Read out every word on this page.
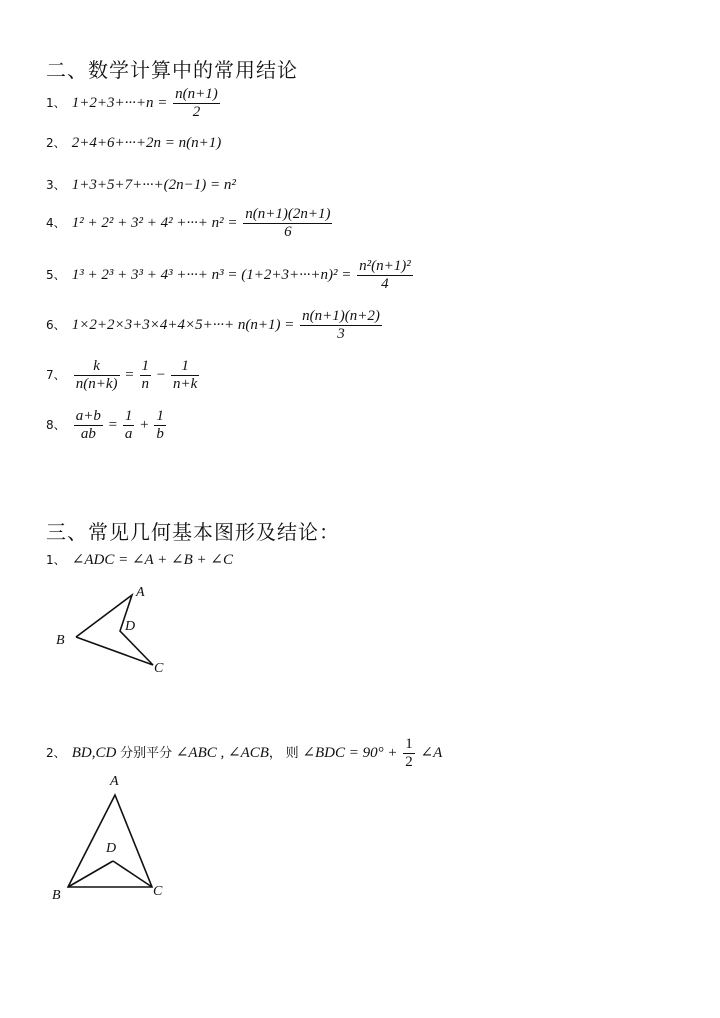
二、数学计算中的常用结论
1、 $1+2+3+\cdot\cdot\cdot+n = \frac{n(n+1)}{2}$
2、 2+4+6+···+2n = n(n+1)
3、 1+3+5+7+···+(2n−1) = n²
4、 1² + 2² + 3² + 4² +···+ $n^2 = \frac{n(n+1)(2n+1)}{6}$
5、 1³ + 2³ + 3³ + 4³ +···+ $n^3 = (1+2+3+\cdot\cdot\cdot+n)^2 = \frac{\text{n²(n+1)²}}{4}$
6、 $1\times 2+2\times 3+3\times 4+4\times 5+\cdot\cdot\cdot+ n(n+1) = \frac{n(n+1)(n+2)}{3}$
7、 $\frac{k}{n(n+k)} = \frac{1}{n} - \frac{1}{n+k}$
8、 $\frac{a+b}{ab} = \frac{1}{a} + \frac{1}{b}$
三、常见几何基本图形及结论：
1、 ∠ADC = ∠A + ∠B + ∠C
A
B
C
D
2、 BD,CD 分别平分 ∠ABC , ∠ACB， 则 ∠BDC = $90^\circ + \frac{1}{2}$ ∠A
A
B	C
D
